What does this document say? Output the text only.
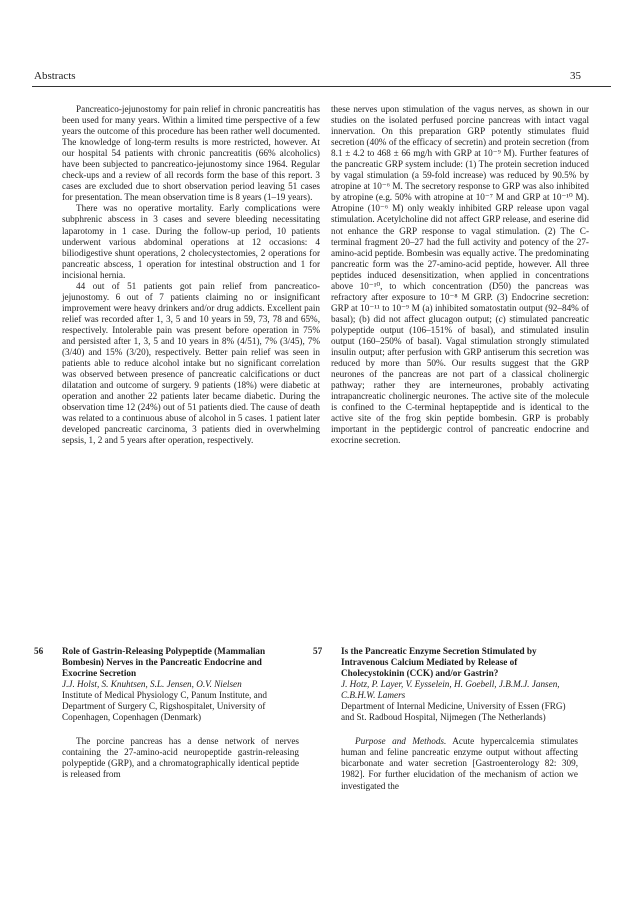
Abstracts	35

Pancreatico-jejunostomy for pain relief in chronic pancreatitis has been used for many years. Within a limited time perspective of a few years the outcome of this procedure has been rather well documented. The knowledge of long-term results is more restricted, however. At our hospital 54 patients with chronic pancreatitis (66% alcoholics) have been subjected to pancreatico-jejunostomy since 1964. Regular check-ups and a review of all records form the base of this report. 3 cases are excluded due to short observation period leaving 51 cases for presentation. The mean observation time is 8 years (1–19 years).

There was no operative mortality. Early complications were subphrenic abscess in 3 cases and severe bleeding necessitating laparotomy in 1 case. During the follow-up period, 10 patients underwent various abdominal operations at 12 occasions: 4 biliodigestive shunt operations, 2 cholecystectomies, 2 operations for pancreatic abscess, 1 operation for intestinal obstruction and 1 for incisional hernia.

44 out of 51 patients got pain relief from pancreatico-jejunostomy. 6 out of 7 patients claiming no or insignificant improvement were heavy drinkers and/or drug addicts. Excellent pain relief was recorded after 1, 3, 5 and 10 years in 59, 73, 78 and 65%, respectively. Intolerable pain was present before operation in 75% and persisted after 1, 3, 5 and 10 years in 8% (4/51), 7% (3/45), 7% (3/40) and 15% (3/20), respectively. Better pain relief was seen in patients able to reduce alcohol intake but no significant correlation was observed between presence of pancreatic calcifications or duct dilatation and outcome of surgery. 9 patients (18%) were diabetic at operation and another 22 patients later became diabetic. During the observation time 12 (24%) out of 51 patients died. The cause of death was related to a continuous abuse of alcohol in 5 cases. 1 patient later developed pancreatic carcinoma, 3 patients died in overwhelming sepsis, 1, 2 and 5 years after operation, respectively.

these nerves upon stimulation of the vagus nerves, as shown in our studies on the isolated perfused porcine pancreas with intact vagal innervation. On this preparation GRP potently stimulates fluid secretion (40% of the efficacy of secretin) and protein secretion (from 8.1 ± 4.2 to 468 ± 66 mg/h with GRP at 10⁻⁹ M). Further features of the pancreatic GRP system include: (1) The protein secretion induced by vagal stimulation (a 59-fold increase) was reduced by 90.5% by atropine at 10⁻⁶ M. The secretory response to GRP was also inhibited by atropine (e.g. 50% with atropine at 10⁻⁷ M and GRP at 10⁻¹⁰ M). Atropine (10⁻⁶ M) only weakly inhibited GRP release upon vagal stimulation. Acetylcholine did not affect GRP release, and eserine did not enhance the GRP response to vagal stimulation. (2) The C-terminal fragment 20–27 had the full activity and potency of the 27-amino-acid peptide. Bombesin was equally active. The predominating pancreatic form was the 27-amino-acid peptide, however. All three peptides induced desensitization, when applied in concentrations above 10⁻¹⁰, to which concentration (D50) the pancreas was refractory after exposure to 10⁻⁸ M GRP. (3) Endocrine secretion: GRP at 10⁻¹¹ to 10⁻⁹ M (a) inhibited somatostatin output (92–84% of basal); (b) did not affect glucagon output; (c) stimulated pancreatic polypeptide output (106–151% of basal), and stimulated insulin output (160–250% of basal). Vagal stimulation strongly stimulated insulin output; after perfusion with GRP antiserum this secretion was reduced by more than 50%. Our results suggest that the GRP neurones of the pancreas are not part of a classical cholinergic pathway; rather they are interneurones, probably activating intrapancreatic cholinergic neurones. The active site of the molecule is confined to the C-terminal heptapeptide and is identical to the active site of the frog skin peptide bombesin. GRP is probably important in the peptidergic control of pancreatic endocrine and exocrine secretion.

56 Role of Gastrin-Releasing Polypeptide (Mammalian Bombesin) Nerves in the Pancreatic Endocrine and Exocrine Secretion
J.J. Holst, S. Knuhtsen, S.L. Jensen, O.V. Nielsen
Institute of Medical Physiology C, Panum Institute, and Department of Surgery C, Rigshospitalet, University of Copenhagen, Copenhagen (Denmark)

The porcine pancreas has a dense network of nerves containing the 27-amino-acid neuropeptide gastrin-releasing polypeptide (GRP), and a chromatographically identical peptide is released from

57 Is the Pancreatic Enzyme Secretion Stimulated by Intravenous Calcium Mediated by Release of Cholecystokinin (CCK) and/or Gastrin?
J. Hotz, P. Layer, V. Eysselein, H. Goebell, J.B.M.J. Jansen, C.B.H.W. Lamers
Department of Internal Medicine, University of Essen (FRG) and St. Radboud Hospital, Nijmegen (The Netherlands)

Purpose and Methods. Acute hypercalcemia stimulates human and feline pancreatic enzyme output without affecting bicarbonate and water secretion [Gastroenterology 82: 309, 1982]. For further elucidation of the mechanism of action we investigated the
